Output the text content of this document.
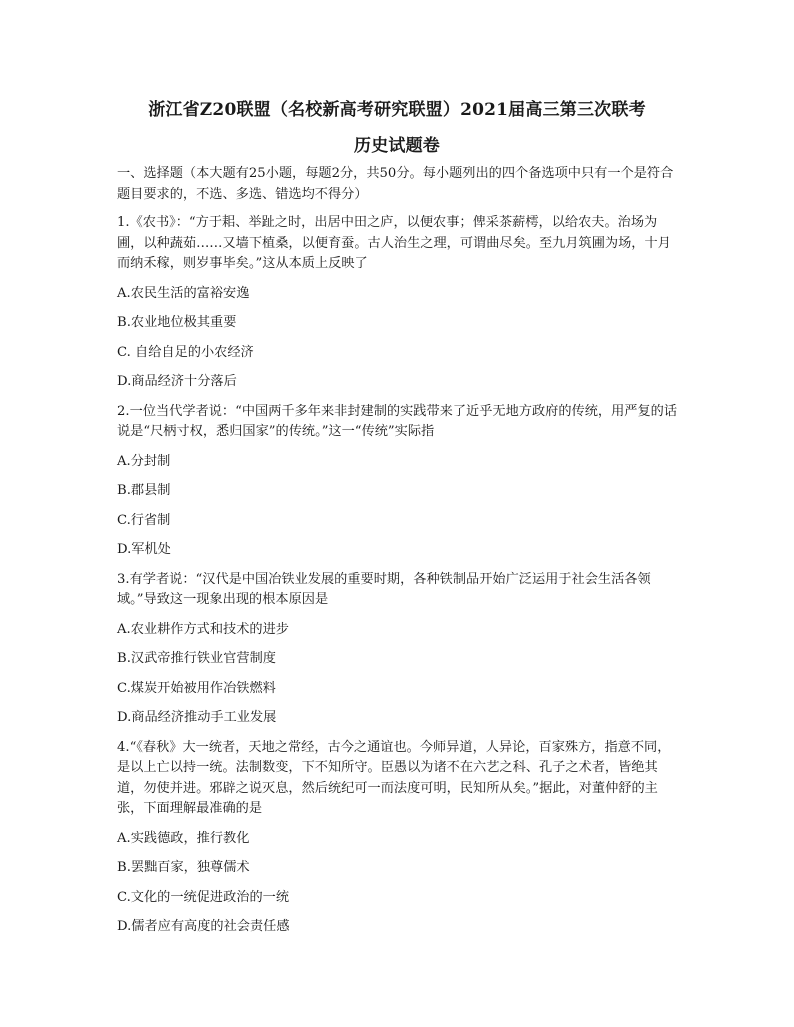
浙江省Z20联盟（名校新高考研究联盟）2021届高三第三次联考
历史试题卷

一、选择题（本大题有25小题，每题2分，共50分。每小题列出的四个备选项中只有一个是符合题目要求的，不选、多选、错选均不得分）

1.《农书》：“方于耜、举趾之时，出居中田之庐，以便农事；俾采茶薪樗，以给农夫。治场为圃，以种蔬茹……又墙下植桑，以便育蚕。古人治生之理，可谓曲尽矣。至九月筑圃为场，十月而纳禾稼，则岁事毕矣。”这从本质上反映了

A.农民生活的富裕安逸

B.农业地位极其重要

C. 自给自足的小农经济

D.商品经济十分落后

2.一位当代学者说：“中国两千多年来非封建制的实践带来了近乎无地方政府的传统，用严复的话说是“尺柄寸权，悉归国家”的传统。”这一“传统”实际指

A.分封制

B.郡县制

C.行省制

D.军机处

3.有学者说：“汉代是中国冶铁业发展的重要时期，各种铁制品开始广泛运用于社会生活各领域。”导致这一现象出现的根本原因是

A.农业耕作方式和技术的进步

B.汉武帝推行铁业官营制度

C.煤炭开始被用作冶铁燃料

D.商品经济推动手工业发展

4.“《春秋》大一统者，天地之常经，古今之通谊也。今师异道，人异论，百家殊方，指意不同，是以上亡以持一统。法制数变，下不知所守。臣愚以为诸不在六艺之科、孔子之术者，皆绝其道，勿使并进。邪辟之说灭息，然后统纪可一而法度可明，民知所从矣。”据此，对董仲舒的主张，下面理解最准确的是

A.实践德政，推行教化

B.罢黜百家，独尊儒术

C.文化的一统促进政治的一统

D.儒者应有高度的社会责任感
